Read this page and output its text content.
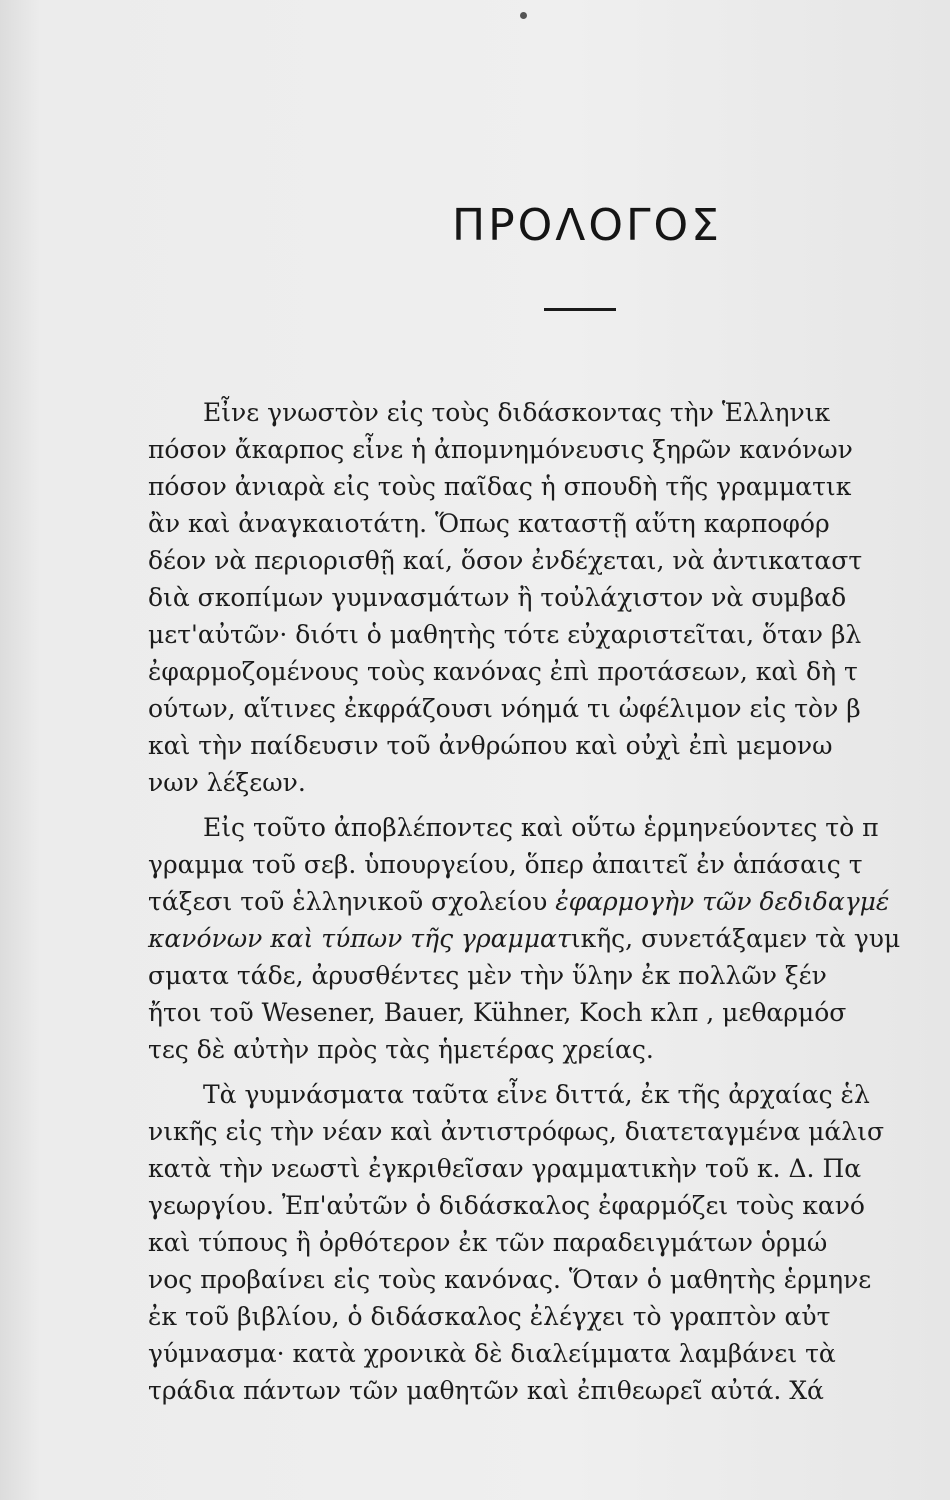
ΠΡΟΛΟΓΟΣ
Εἶνε γνωστὸν εἰς τοὺς διδάσκοντας τὴν Ἑλληνικ
πόσον ἄκαρπος εἶνε ἡ ἀπομνημόνευσις ξηρῶν κανόνων
πόσον ἀνιαρὰ εἰς τοὺς παῖδας ἡ σπουδὴ τῆς γραμματικ
ἂν καὶ ἀναγκαιοτάτη. Ὅπως καταστῇ αὕτη καρποφόρ
δέον νὰ περιορισθῇ καί, ὅσον ἐνδέχεται, νὰ ἀντικαταστ
διὰ σκοπίμων γυμνασμάτων ἢ τοὐλάχιστον νὰ συμβαδ
μετ'αὐτῶν· διότι ὁ μαθητὴς τότε εὐχαριστεῖται, ὅταν βλ
ἐφαρμοζομένους τοὺς κανόνας ἐπὶ προτάσεων, καὶ δὴ τ
ούτων, αἵτινες ἐκφράζουσι νόημά τι ὠφέλιμον εἰς τὸν β
καὶ τὴν παίδευσιν τοῦ ἀνθρώπου καὶ οὐχὶ ἐπὶ μεμονω
νων λέξεων.
Εἰς τοῦτο ἀποβλέποντες καὶ οὕτω ἑρμηνεύοντες τὸ π
γραμμα τοῦ σεβ. ὑπουργείου, ὅπερ ἀπαιτεῖ ἐν ἁπάσαις τ
τάξεσι τοῦ ἑλληνικοῦ σχολείου ἐφαρμογὴν τῶν δεδιδαγμέ
κανόνων καὶ τύπων τῆς γραμματικῆς, συνετάξαμεν τὰ γυμ
σματα τάδε, ἀρυσθέντες μὲν τὴν ὕλην ἐκ πολλῶν ξέν
ἤτοι τοῦ Wesener, Bauer, Kühner, Koch κλπ , μεθαρμόσ
τες δὲ αὐτὴν πρὸς τὰς ἡμετέρας χρείας.
Τὰ γυμνάσματα ταῦτα εἶνε διττά, ἐκ τῆς ἀρχαίας ἑλ
νικῆς εἰς τὴν νέαν καὶ ἀντιστρόφως, διατεταγμένα μάλισ
κατὰ τὴν νεωστὶ ἐγκριθεῖσαν γραμματικὴν τοῦ κ. Δ. Πα
γεωργίου. Ἐπ'αὐτῶν ὁ διδάσκαλος ἐφαρμόζει τοὺς κανό
καὶ τύπους ἢ ὀρθότερον ἐκ τῶν παραδειγμάτων ὁρμώ
νος προβαίνει εἰς τοὺς κανόνας. Ὅταν ὁ μαθητὴς ἑρμηνε
ἐκ τοῦ βιβλίου, ὁ διδάσκαλος ἐλέγχει τὸ γραπτὸν αὐτ
γύμνασμα· κατὰ χρονικὰ δὲ διαλείμματα λαμβάνει τὰ
τράδια πάντων τῶν μαθητῶν καὶ ἐπιθεωρεῖ αὐτά. Χά
